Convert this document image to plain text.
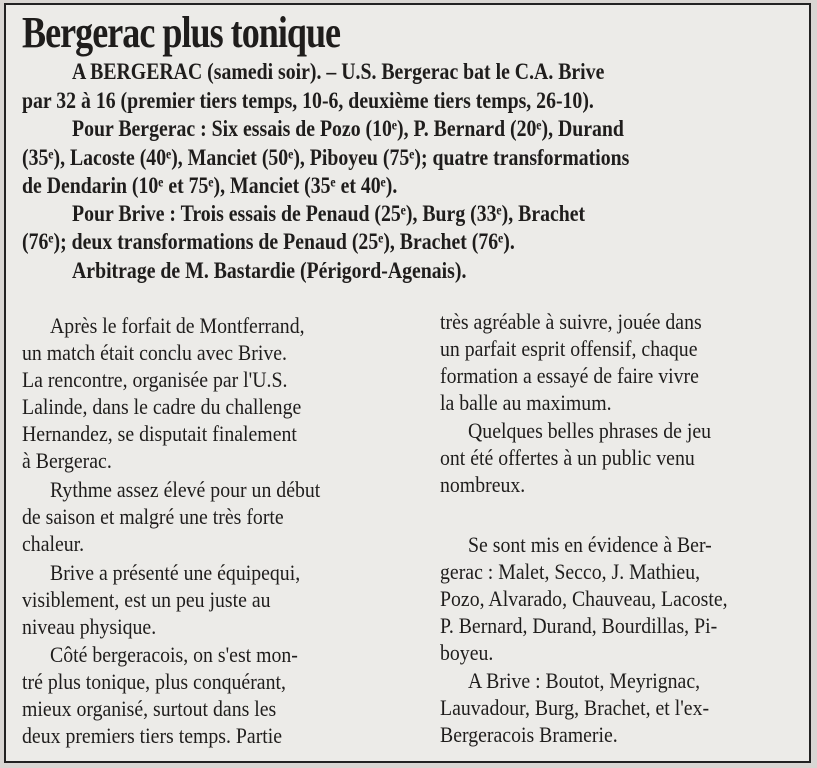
Bergerac plus tonique
A BERGERAC (samedi soir). – U.S. Bergerac bat le C.A. Brive
par 32 à 16 (premier tiers temps, 10-6, deuxième tiers temps, 26-10).
Pour Bergerac : Six essais de Pozo (10ᵉ), P. Bernard (20ᵉ), Durand
(35ᵉ), Lacoste (40ᵉ), Manciet (50ᵉ), Piboyeu (75ᵉ); quatre transformations
de Dendarin (10ᵉ et 75ᵉ), Manciet (35ᵉ et 40ᵉ).
Pour Brive : Trois essais de Penaud (25ᵉ), Burg (33ᵉ), Brachet
(76ᵉ); deux transformations de Penaud (25ᵉ), Brachet (76ᵉ).
Arbitrage de M. Bastardie (Périgord-Agenais).
Après le forfait de Montferrand,
un match était conclu avec Brive.
La rencontre, organisée par l'U.S.
Lalinde, dans le cadre du challenge
Hernandez, se disputait finalement
à Bergerac.
Rythme assez élevé pour un début
de saison et malgré une très forte
chaleur.
Brive a présenté une équipequi,
visiblement, est un peu juste au
niveau physique.
Côté bergeracois, on s'est mon-
tré plus tonique, plus conquérant,
mieux organisé, surtout dans les
deux premiers tiers temps. Partie
très agréable à suivre, jouée dans
un parfait esprit offensif, chaque
formation a essayé de faire vivre
la balle au maximum.
Quelques belles phrases de jeu
ont été offertes à un public venu
nombreux.
Se sont mis en évidence à Ber-
gerac : Malet, Secco, J. Mathieu,
Pozo, Alvarado, Chauveau, Lacoste,
P. Bernard, Durand, Bourdillas, Pi-
boyeu.
A Brive : Boutot, Meyrignac,
Lauvadour, Burg, Brachet, et l'ex-
Bergeracois Bramerie.
